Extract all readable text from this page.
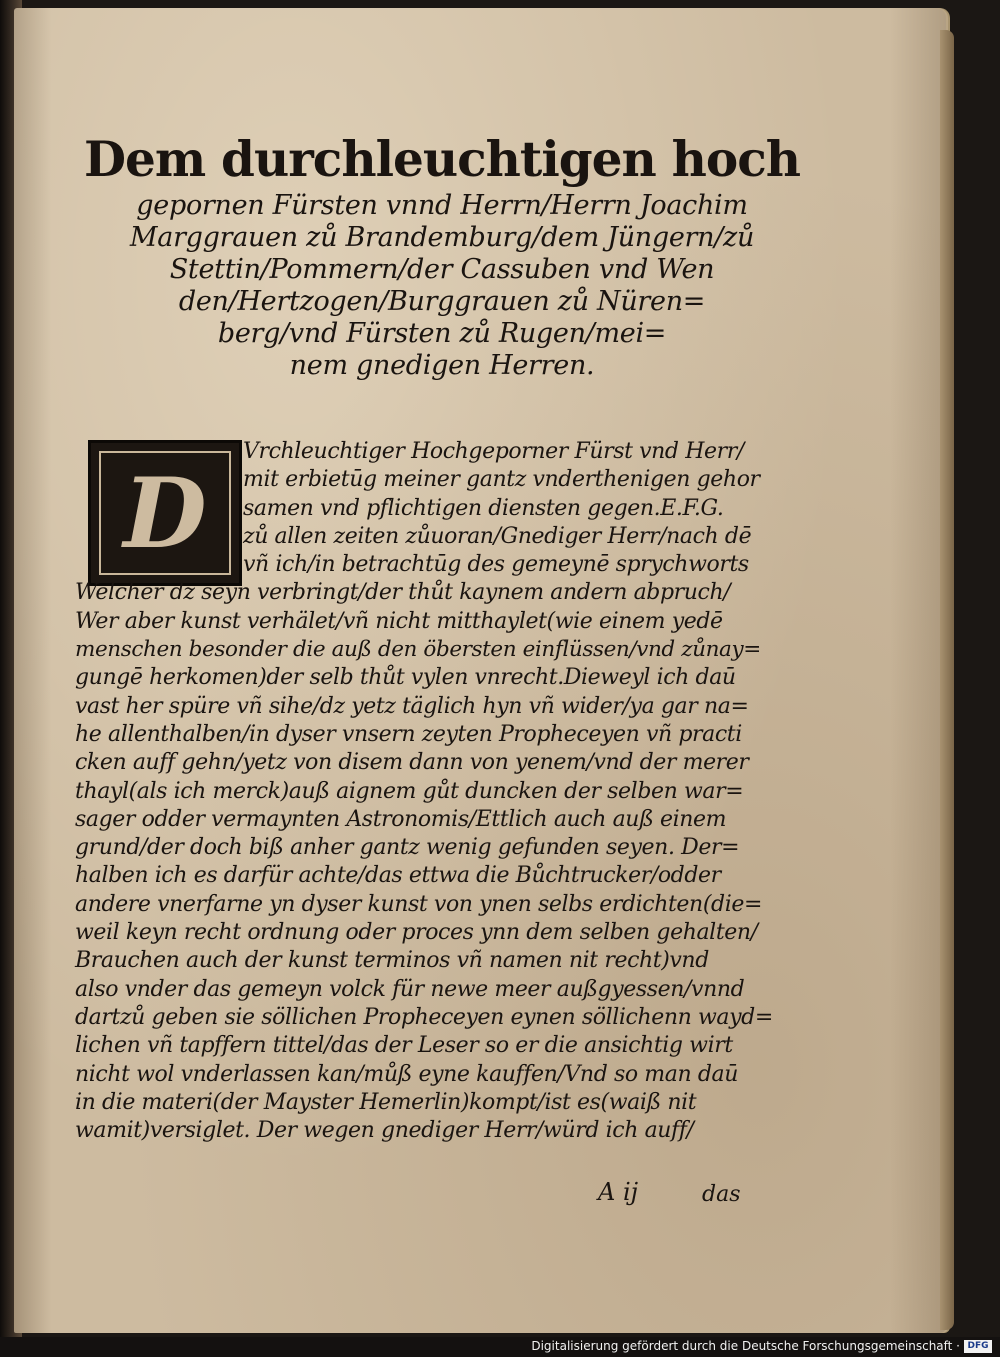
Dem durchleuchtigen hoch
gepornen Fürsten vnnd Herrn/Herrn Joachim
Marggrauen zů Brandemburg/dem Jüngern/zů
Stettin/Pommern/der Cassuben vnd Wen
den/Hertzogen/Burggrauen zů Nüren=
berg/vnd Fürsten zů Rugen/mei=
nem gnedigen Herren.
D
Vrchleuchtiger Hochgeporner Fürst vnd Herr/
mit erbietūg meiner gantz vnderthenigen gehor
samen vnd pflichtigen diensten gegen.E.F.G.
zů allen zeiten zůuoran/Gnediger Herr/nach dē
vñ ich/in betrachtūg des gemeynē sprychworts
Welcher dz seyn verbringt/der thůt kaynem andern abpruch/
Wer aber kunst verhälet/vñ nicht mitthaylet(wie einem yedē
menschen besonder die auß den öbersten einflüssen/vnd zůnay=
gungē herkomen)der selb thůt vylen vnrecht.Dieweyl ich daū
vast her spüre vñ sihe/dz yetz täglich hyn vñ wider/ya gar na=
he allenthalben/in dyser vnsern zeyten Propheceyen vñ practi
cken auff gehn/yetz von disem dann von yenem/vnd der merer
thayl(als ich merck)auß aignem gůt duncken der selben war=
sager odder vermaynten Astronomis/Ettlich auch auß einem
grund/der doch biß anher gantz wenig gefunden seyen. Der=
halben ich es darfür achte/das ettwa die Bůchtrucker/odder
andere vnerfarne yn dyser kunst von ynen selbs erdichten(die=
weil keyn recht ordnung oder proces ynn dem selben gehalten/
Brauchen auch der kunst terminos vñ namen nit recht)vnd
also vnder das gemeyn volck für newe meer außgyessen/vnnd
dartzů geben sie söllichen Propheceyen eynen söllichenn wayd=
lichen vñ tapffern tittel/das der Leser so er die ansichtig wirt
nicht wol vnderlassen kan/můß eyne kauffen/Vnd so man daū
in die materi(der Mayster Hemerlin)kompt/ist es(waiß nit
wamit)versiglet. Der wegen gnediger Herr/würd ich auff/
A ij	das
Digitalisierung gefördert durch die Deutsche Forschungsgemeinschaft · DFG
